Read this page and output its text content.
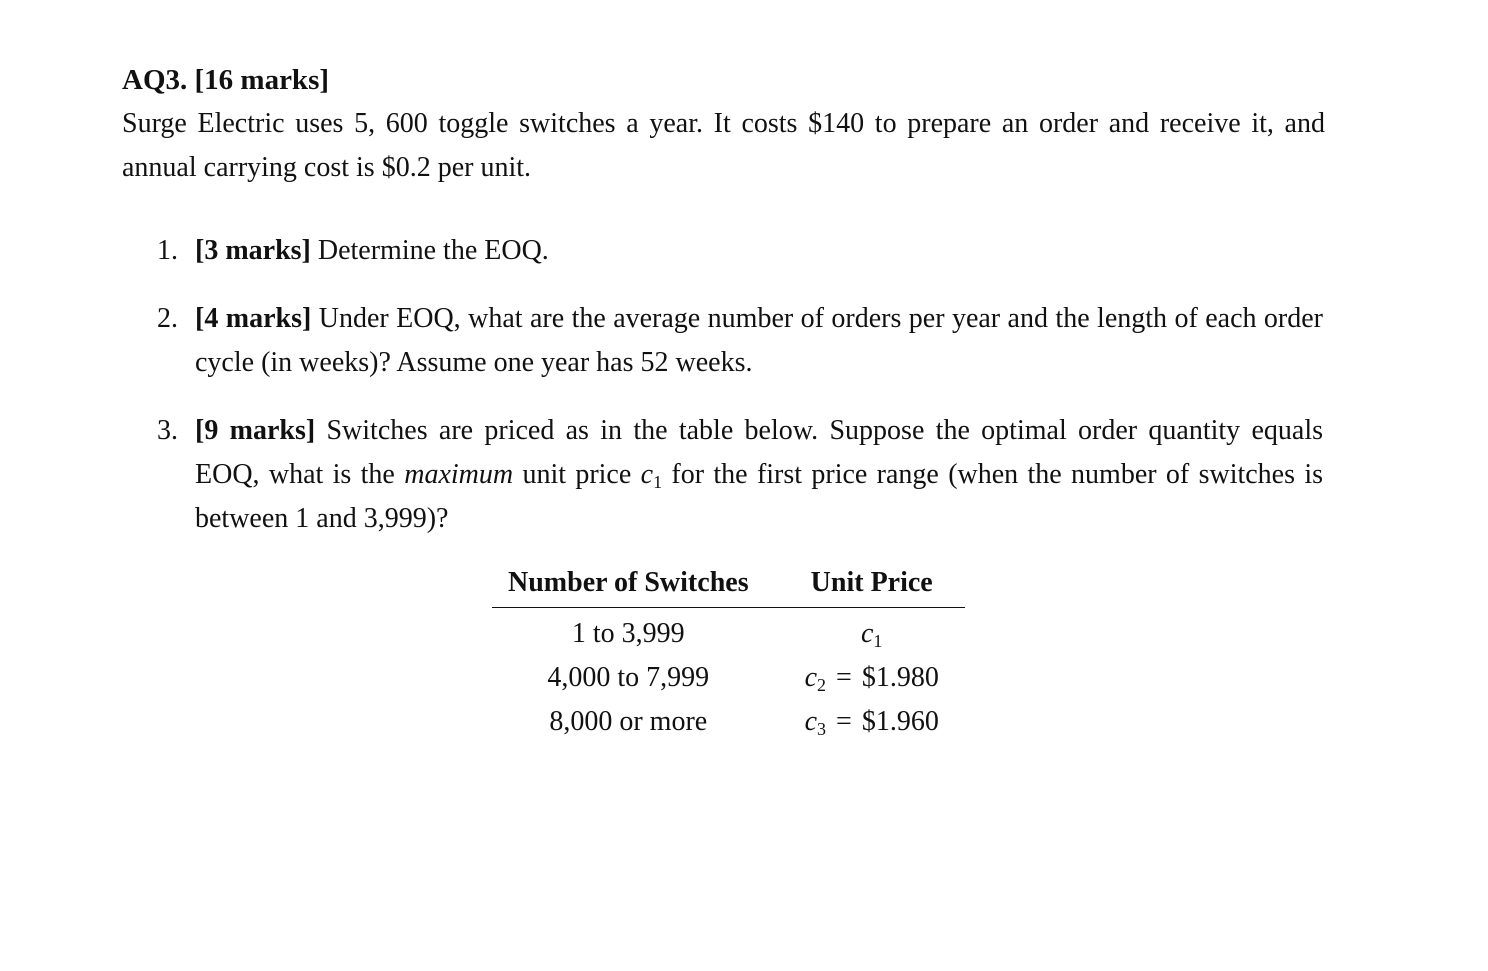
AQ3. [16 marks]

Surge Electric uses 5, 600 toggle switches a year. It costs $140 to prepare an order and receive it, and annual carrying cost is $0.2 per unit.

1. [3 marks] Determine the EOQ.
2. [4 marks] Under EOQ, what are the average number of orders per year and the length of each order cycle (in weeks)? Assume one year has 52 weeks.
3. [9 marks] Switches are priced as in the table below. Suppose the optimal order quantity equals EOQ, what is the maximum unit price $c_1$ for the first price range (when the number of switches is between 1 and 3,999)?
Number of Switches	Unit Price
1 to 3,999	$c_1$
4,000 to 7,999	$c_2$ = $1.980
8,000 or more	$c_3$ = $1.960
